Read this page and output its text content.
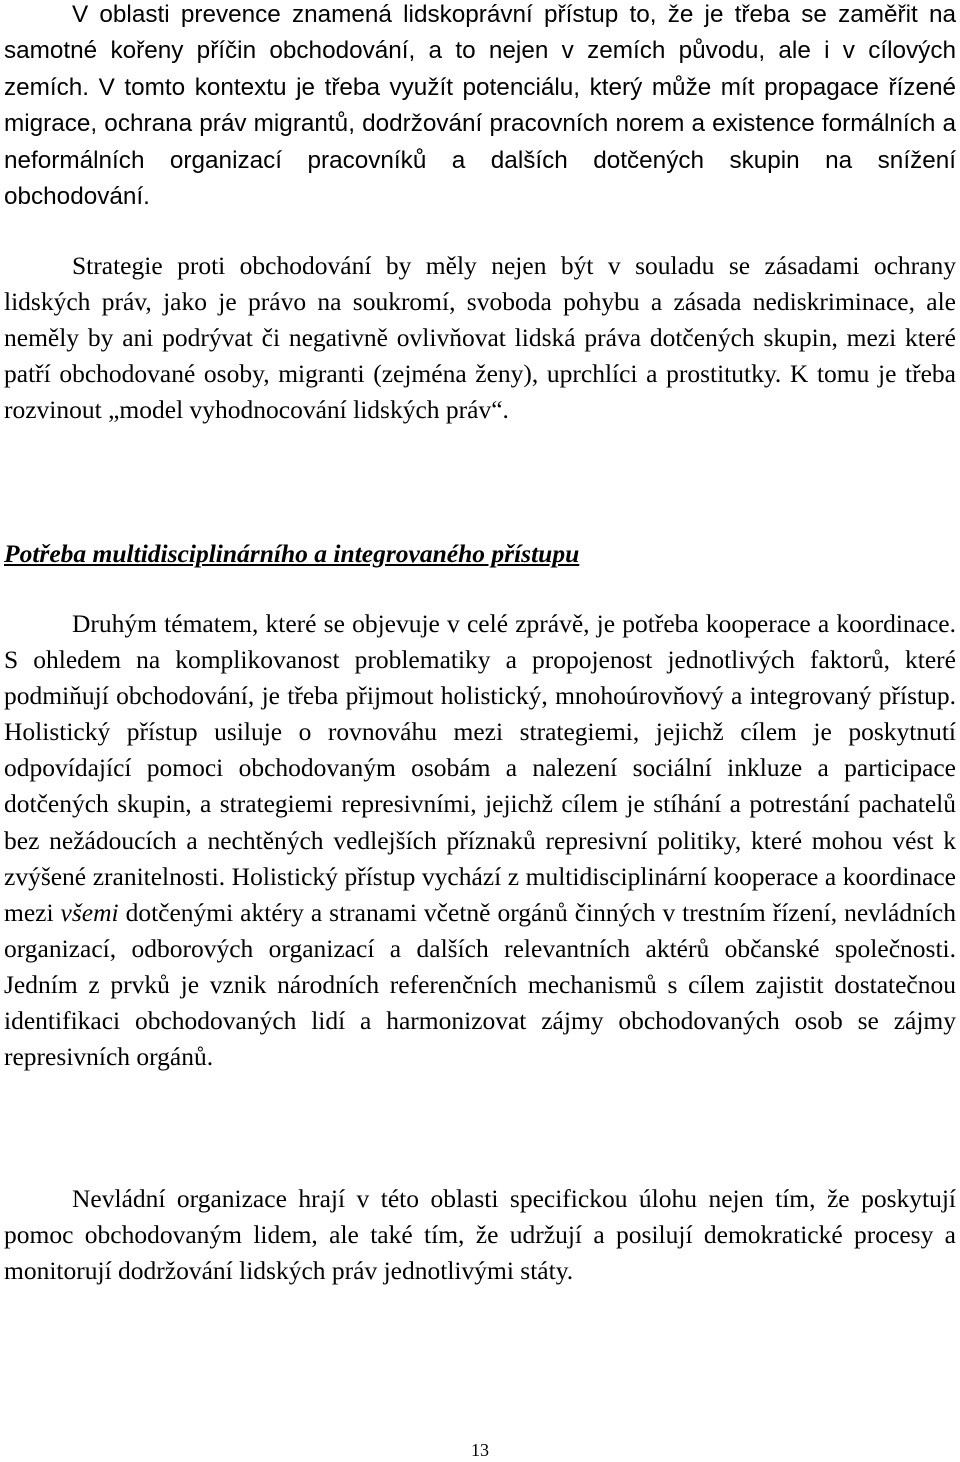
V oblasti prevence znamená lidskoprávní přístup to, že je třeba se zaměřit na samotné kořeny příčin obchodování, a to nejen v zemích původu, ale i v cílových zemích. V tomto kontextu je třeba využít potenciálu, který může mít propagace řízené migrace, ochrana práv migrantů, dodržování pracovních norem a existence formálních a neformálních organizací pracovníků a dalších dotčených skupin na snížení obchodování.

Strategie proti obchodování by měly nejen být v souladu se zásadami ochrany lidských práv, jako je právo na soukromí, svoboda pohybu a zásada nediskriminace, ale neměly by ani podrývat či negativně ovlivňovat lidská práva dotčených skupin, mezi které patří obchodované osoby, migranti (zejména ženy), uprchlíci a prostitutky. K tomu je třeba rozvinout „model vyhodnocování lidských práv“.

Potřeba multidisciplinárního a integrovaného přístupu

Druhým tématem, které se objevuje v celé zprávě, je potřeba kooperace a koordinace. S ohledem na komplikovanost problematiky a propojenost jednotlivých faktorů, které podmiňují obchodování, je třeba přijmout holistický, mnohoúrovňový a integrovaný přístup. Holistický přístup usiluje o rovnováhu mezi strategiemi, jejichž cílem je poskytnutí odpovídající pomoci obchodovaným osobám a nalezení sociální inkluze a participace dotčených skupin, a strategiemi represivními, jejichž cílem je stíhání a potrestání pachatelů bez nežádoucích a nechtěných vedlejších příznaků represivní politiky, které mohou vést k zvýšené zranitelnosti. Holistický přístup vychází z multidisciplinární kooperace a koordinace mezi všemi dotčenými aktéry a stranami včetně orgánů činných v trestním řízení, nevládních organizací, odborových organizací a dalších relevantních aktérů občanské společnosti. Jedním z prvků je vznik národních referenčních mechanismů s cílem zajistit dostatečnou identifikaci obchodovaných lidí a harmonizovat zájmy obchodovaných osob se zájmy represivních orgánů.

Nevládní organizace hrají v této oblasti specifickou úlohu nejen tím, že poskytují pomoc obchodovaným lidem, ale také tím, že udržují a posilují demokratické procesy a monitorují dodržování lidských práv jednotlivými státy.

13
